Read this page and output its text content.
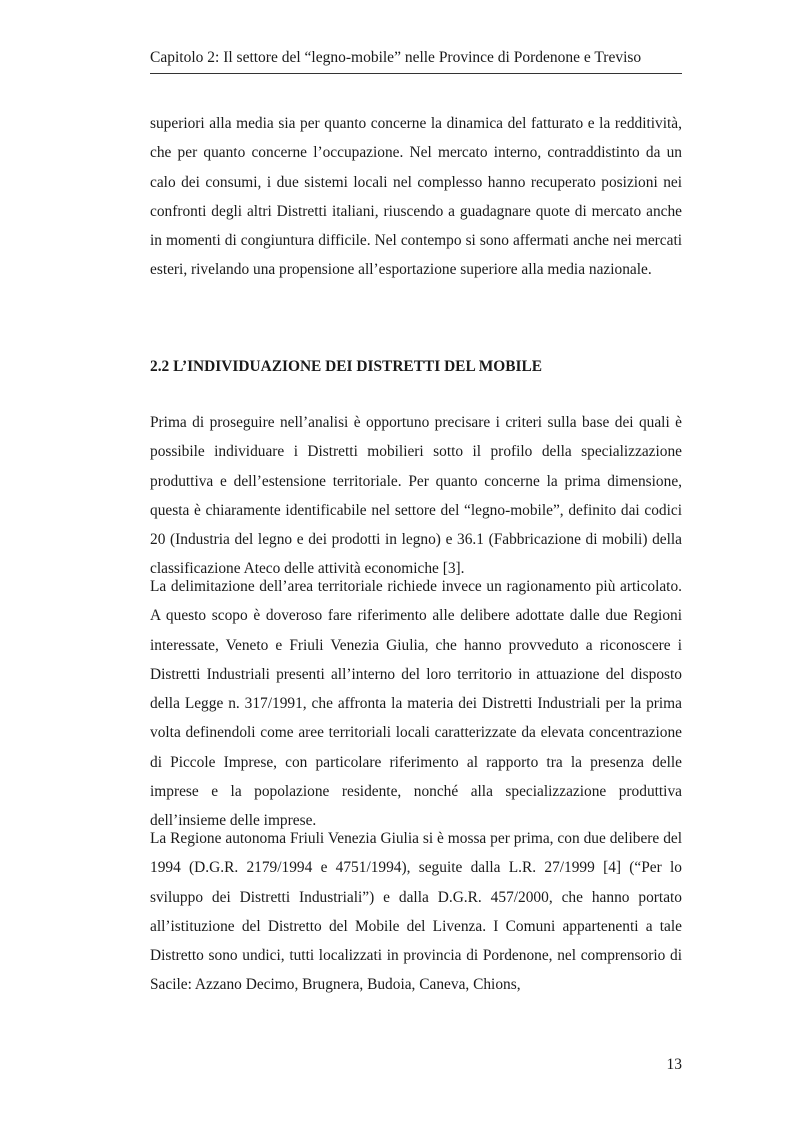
Capitolo 2: Il settore del “legno-mobile” nelle Province di Pordenone e Treviso

superiori alla media sia per quanto concerne la dinamica del fatturato e la redditività, che per quanto concerne l’occupazione. Nel mercato interno, contraddistinto da un calo dei consumi, i due sistemi locali nel complesso hanno recuperato posizioni nei confronti degli altri Distretti italiani, riuscendo a guadagnare quote di mercato anche in momenti di congiuntura difficile. Nel contempo si sono affermati anche nei mercati esteri, rivelando una propensione all’esportazione superiore alla media nazionale.

2.2 L’INDIVIDUAZIONE DEI DISTRETTI DEL MOBILE

Prima di proseguire nell’analisi è opportuno precisare i criteri sulla base dei quali è possibile individuare i Distretti mobilieri sotto il profilo della specializzazione produttiva e dell’estensione territoriale. Per quanto concerne la prima dimensione, questa è chiaramente identificabile nel settore del “legno-mobile”, definito dai codici 20 (Industria del legno e dei prodotti in legno) e 36.1 (Fabbricazione di mobili) della classificazione Ateco delle attività economiche [3].

La delimitazione dell’area territoriale richiede invece un ragionamento più articolato. A questo scopo è doveroso fare riferimento alle delibere adottate dalle due Regioni interessate, Veneto e Friuli Venezia Giulia, che hanno provveduto a riconoscere i Distretti Industriali presenti all’interno del loro territorio in attuazione del disposto della Legge n. 317/1991, che affronta la materia dei Distretti Industriali per la prima volta definendoli come aree territoriali locali caratterizzate da elevata concentrazione di Piccole Imprese, con particolare riferimento al rapporto tra la presenza delle imprese e la popolazione residente, nonché alla specializzazione produttiva dell’insieme delle imprese.

La Regione autonoma Friuli Venezia Giulia si è mossa per prima, con due delibere del 1994 (D.G.R. 2179/1994 e 4751/1994), seguite dalla L.R. 27/1999 [4] (“Per lo sviluppo dei Distretti Industriali”) e dalla D.G.R. 457/2000, che hanno portato all’istituzione del Distretto del Mobile del Livenza. I Comuni appartenenti a tale Distretto sono undici, tutti localizzati in provincia di Pordenone, nel comprensorio di Sacile: Azzano Decimo, Brugnera, Budoia, Caneva, Chions,

13
